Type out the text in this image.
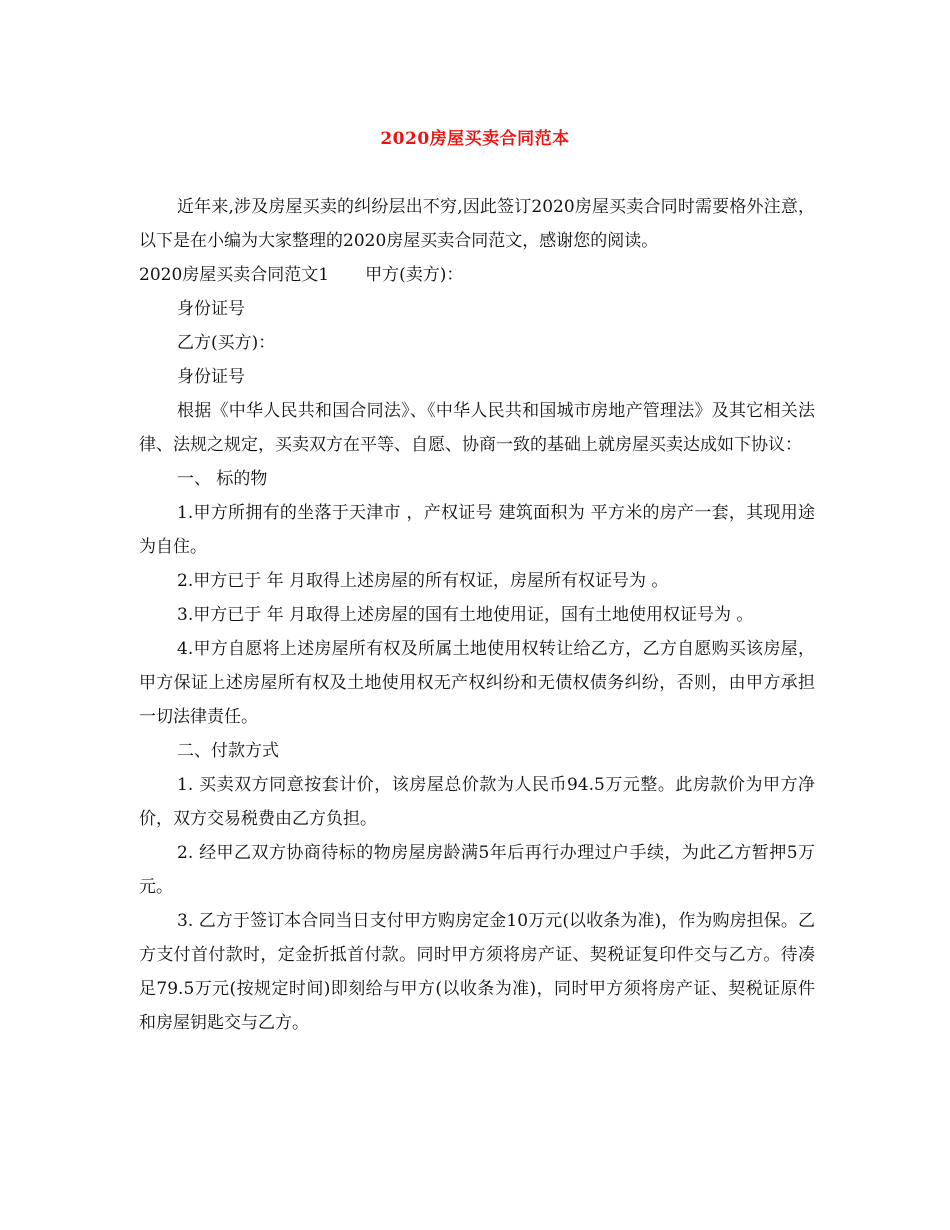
2020房屋买卖合同范本

近年来,涉及房屋买卖的纠纷层出不穷,因此签订2020房屋买卖合同时需要格外注意，以下是在小编为大家整理的2020房屋买卖合同范文，感谢您的阅读。

2020房屋买卖合同范文1 甲方(卖方)：

身份证号

乙方(买方)：

身份证号

根据《中华人民共和国合同法》、《中华人民共和国城市房地产管理法》及其它相关法律、法规之规定，买卖双方在平等、自愿、协商一致的基础上就房屋买卖达成如下协议：

一、 标的物

1.甲方所拥有的坐落于天津市 ，产权证号 建筑面积为 平方米的房产一套，其现用途为自住。

2.甲方已于 年 月取得上述房屋的所有权证，房屋所有权证号为 。

3.甲方已于 年 月取得上述房屋的国有土地使用证，国有土地使用权证号为 。

4.甲方自愿将上述房屋所有权及所属土地使用权转让给乙方，乙方自愿购买该房屋，甲方保证上述房屋所有权及土地使用权无产权纠纷和无债权债务纠纷，否则，由甲方承担一切法律责任。

二、付款方式

1. 买卖双方同意按套计价，该房屋总价款为人民币94.5万元整。此房款价为甲方净价，双方交易税费由乙方负担。

2. 经甲乙双方协商待标的物房屋房龄满5年后再行办理过户手续，为此乙方暂押5万元。

3. 乙方于签订本合同当日支付甲方购房定金10万元(以收条为准)，作为购房担保。乙方支付首付款时，定金折抵首付款。同时甲方须将房产证、契税证复印件交与乙方。待凑足79.5万元(按规定时间)即刻给与甲方(以收条为准)，同时甲方须将房产证、契税证原件和房屋钥匙交与乙方。
